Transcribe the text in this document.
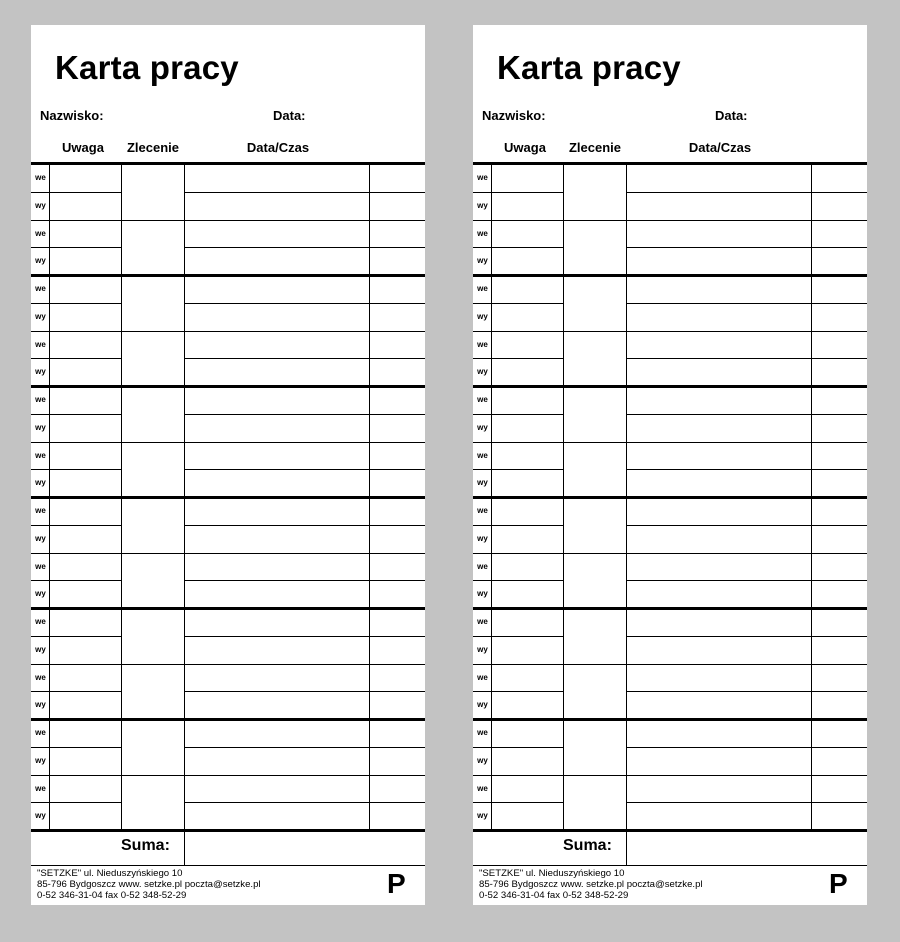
Karta pracy
Nazwisko:	Data:
Uwaga	Zlecenie	Data/Czas
we
wy
we
wy
we
wy
we
wy
we
wy
we
wy
we
wy
we
wy
we
wy
we
wy
we
wy
we
wy
Suma:
"SETZKE" ul. Nieduszyńskiego 10
85-796 Bydgoszcz www. setzke.pl poczta@setzke.pl
0-52 346-31-04 fax 0-52 348-52-29	P
Karta pracy
Nazwisko:	Data:
Uwaga	Zlecenie	Data/Czas
we
wy
we
wy
we
wy
we
wy
we
wy
we
wy
we
wy
we
wy
we
wy
we
wy
we
wy
we
wy
Suma:
"SETZKE" ul. Nieduszyńskiego 10
85-796 Bydgoszcz www. setzke.pl poczta@setzke.pl
0-52 346-31-04 fax 0-52 348-52-29	P
